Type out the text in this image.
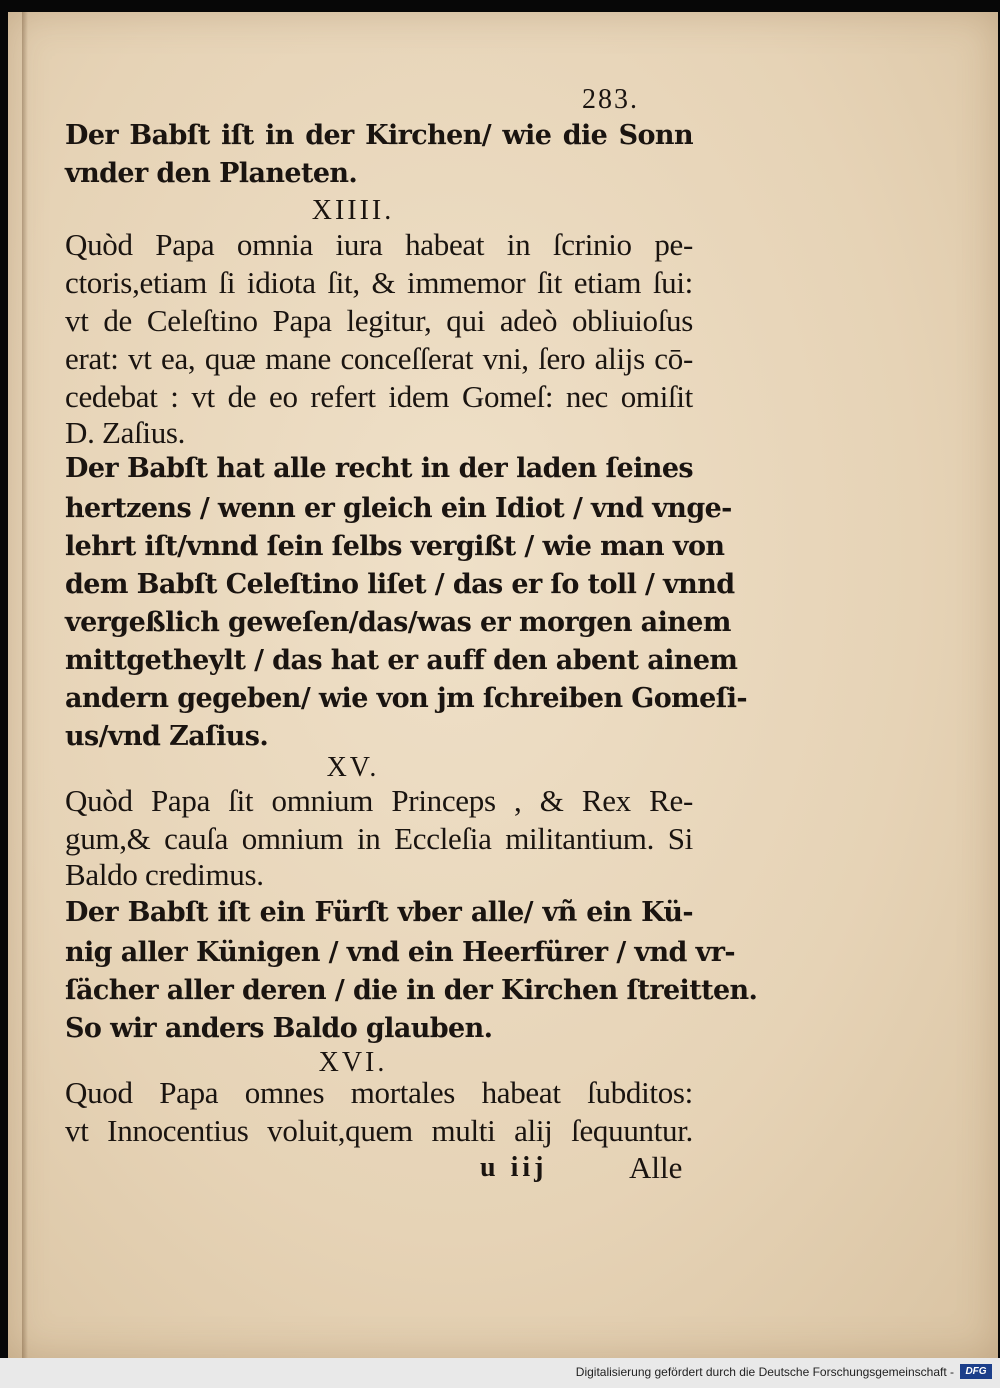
283.
Der Babſt iſt in der Kirchen/ wie die Sonn
vnder den Planeten.
XIIII.
Quòd Papa omnia iura habeat in ſcrinio pe-
ctoris,etiam ſi idiota ſit, & immemor ſit etiam ſui:
vt de Celeſtino Papa legitur, qui adeò obliuioſus
erat: vt ea, quæ mane conceſſerat vni, ſero alijs cō-
cedebat : vt de eo refert idem Gomeſ: nec omiſit
D. Zaſius.
Der Babſt hat alle recht in der laden ſeines
hertzens / wenn er gleich ein Idiot / vnd vnge-
lehrt iſt/vnnd ſein ſelbs vergißt / wie man von
dem Babſt Celeſtino liſet / das er ſo toll / vnnd
vergeßlich geweſen/das/was er morgen ainem
mittgetheylt / das hat er auff den abent ainem
andern gegeben/ wie von jm ſchreiben Gomeſi-
us/vnd Zaſius.
XV.
Quòd Papa ſit omnium Princeps , & Rex Re-
gum,& cauſa omnium in Eccleſia militantium. Si
Baldo credimus.
Der Babſt iſt ein Fürſt vber alle/ vñ ein Kü-
nig aller Künigen / vnd ein Heerfürer / vnd vr-
ſächer aller deren / die in der Kirchen ſtreitten.
So wir anders Baldo glauben.
XVI.
Quod Papa omnes mortales habeat ſubditos:
vt Innocentius voluit,quem multi alij ſequuntur.
u iij	Alle
Digitalisierung gefördert durch die Deutsche Forschungsgemeinschaft -	DFG
